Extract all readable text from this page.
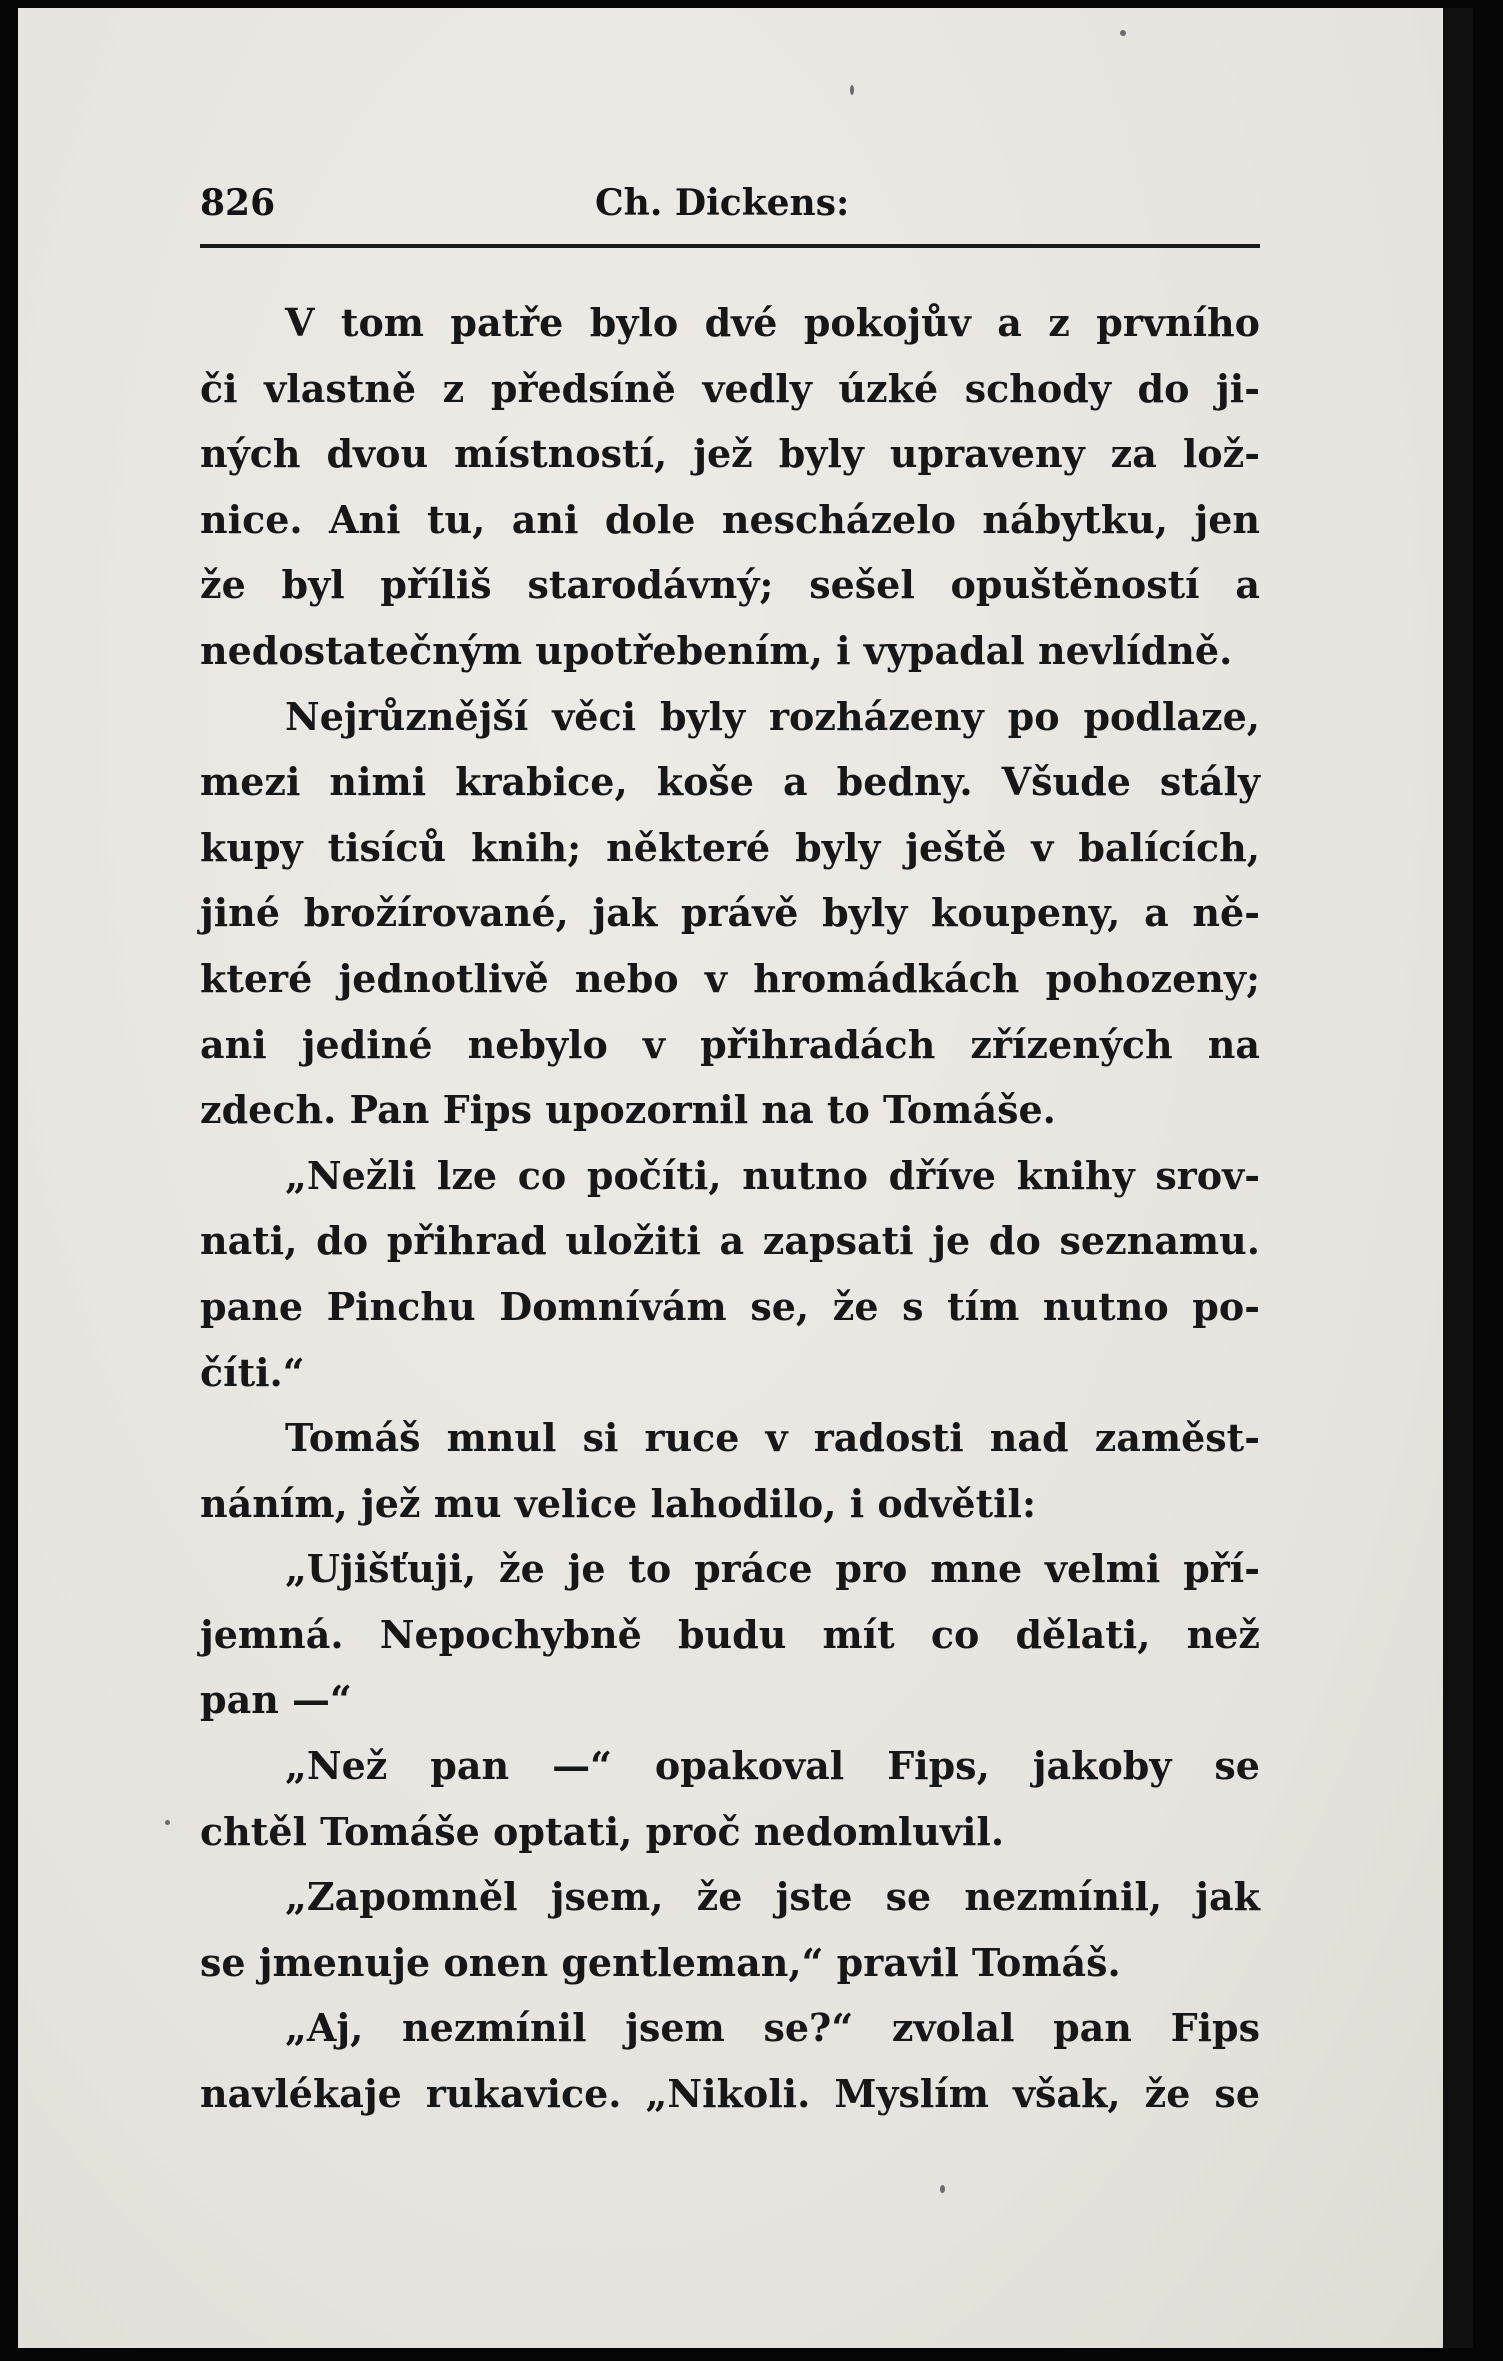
826	Ch. Dickens:
V tom patře bylo dvé pokojův a z prvního
či vlastně z předsíně vedly úzké schody do ji-
ných dvou místností, jež byly upraveny za lož-
nice. Ani tu, ani dole nescházelo nábytku, jen
že byl příliš starodávný; sešel opuštěností a
nedostatečným upotřebením, i vypadal nevlídně.
Nejrůznější věci byly rozházeny po podlaze,
mezi nimi krabice, koše a bedny. Všude stály
kupy tisíců knih; některé byly ještě v balících,
jiné brožírované, jak právě byly koupeny, a ně-
které jednotlivě nebo v hromádkách pohozeny;
ani jediné nebylo v přihradách zřízených na
zdech. Pan Fips upozornil na to Tomáše.
„Nežli lze co počíti, nutno dříve knihy srov-
nati, do přihrad uložiti a zapsati je do seznamu.
pane Pinchu Domnívám se, že s tím nutno po-
číti.“
Tomáš mnul si ruce v radosti nad zaměst-
náním, jež mu velice lahodilo, i odvětil:
„Ujišťuji, že je to práce pro mne velmi pří-
jemná. Nepochybně budu mít co dělati, než
pan —“
„Než pan —“ opakoval Fips, jakoby se
chtěl Tomáše optati, proč nedomluvil.
„Zapomněl jsem, že jste se nezmínil, jak
se jmenuje onen gentleman,“ pravil Tomáš.
„Aj, nezmínil jsem se?“ zvolal pan Fips
navlékaje rukavice. „Nikoli. Myslím však, že se
